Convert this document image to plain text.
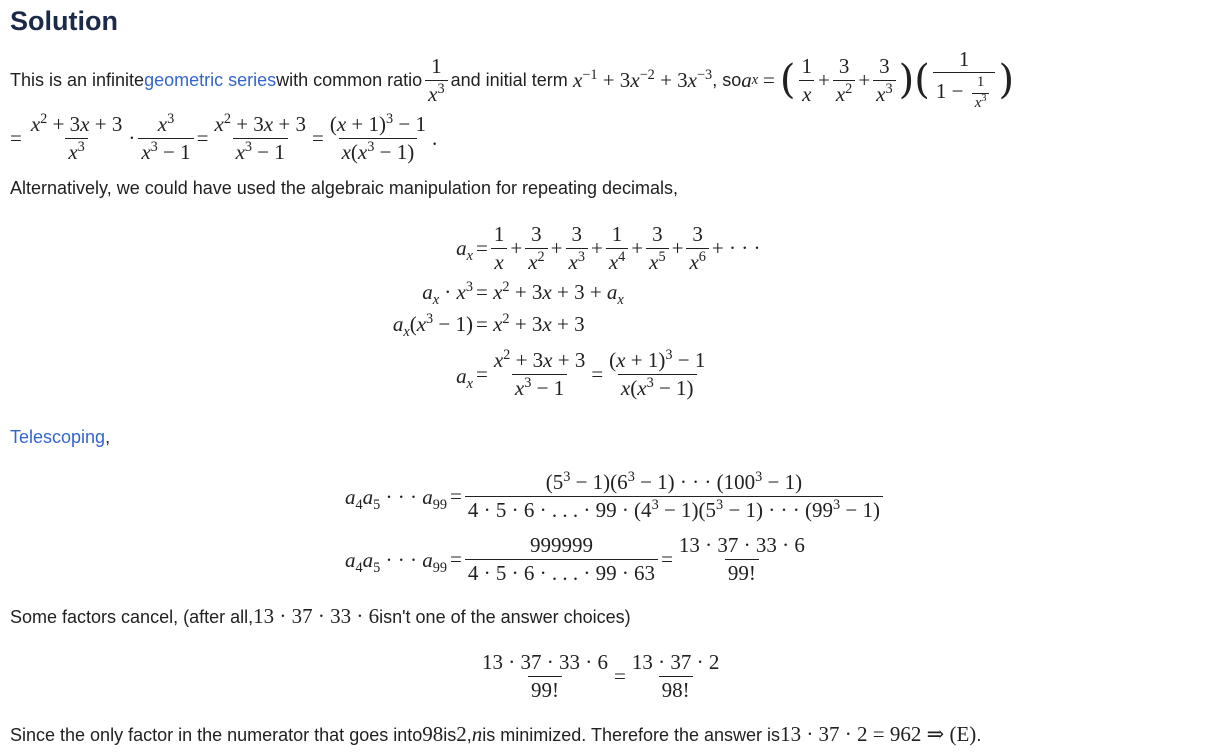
Solution
This is an infinite geometric series with common ratio $\frac{1}{x^3}$ and initial term $x^{-1} + 3x^{-2} + 3x^{-3}$ , so a x = ( $\frac{1}{x} + \frac{3}{x^2} + \frac{3}{x^3}$ ) ( $\frac{1}{1 - \frac{1}{x^3}}$ )
= $\frac{x^2 + 3x + 3}{x^3} \cdot \frac{x^3}{x^3 - 1} = \frac{x^2 + 3x + 3}{x^3 - 1} = \frac{(x + 1)^3 - 1}{x(x^3 - 1)}$ .
Alternatively, we could have used the algebraic manipulation for repeating decimals,
$a_x = \frac{1}{x} + \frac{3}{x^2} + \frac{3}{x^3} + \frac{1}{x^4} + \frac{3}{x^5} + \frac{3}{x^6}$ + · · ·
$a_x \cdot x^3 = x^2 + 3x + 3 + a_x$
$a_x(x^3 - 1) = x^2 + 3x + 3$
$a_x = \frac{x^2 + 3x + 3}{x^3 - 1} = \frac{(x + 1)^3 - 1}{x(x^3 - 1)}$
Telescoping,
$a_4a_5$ · · · $a_{99} = \frac{(5^3 - 1)(6^3 - 1) \cdot \cdot \cdot (100^3 - 1)}{4 \cdot 5 \cdot 6 \cdot . . . \cdot 99 \cdot (4^3 - 1)(5^3 - 1) \cdot \cdot \cdot (99^3 - 1)}$
$a_4a_5$ · · · $a_{99} = \frac{999999}{4 \cdot 5 \cdot 6 \cdot . . . \cdot 99 \cdot 63} = \frac{13 \cdot 37 \cdot 33 \cdot 6}{99!}$
Some factors cancel, (after all, 13 · 37 · 33 · 6 isn't one of the answer choices)
$\frac{13 \cdot 37 \cdot 33 \cdot 6}{99!} = \frac{13 \cdot 37 \cdot 2}{98!}$
Since the only factor in the numerator that goes into 98 is 2 , n is minimized. Therefore the answer is 13 · 37 · 2 = 962 ⇒ (E) .
